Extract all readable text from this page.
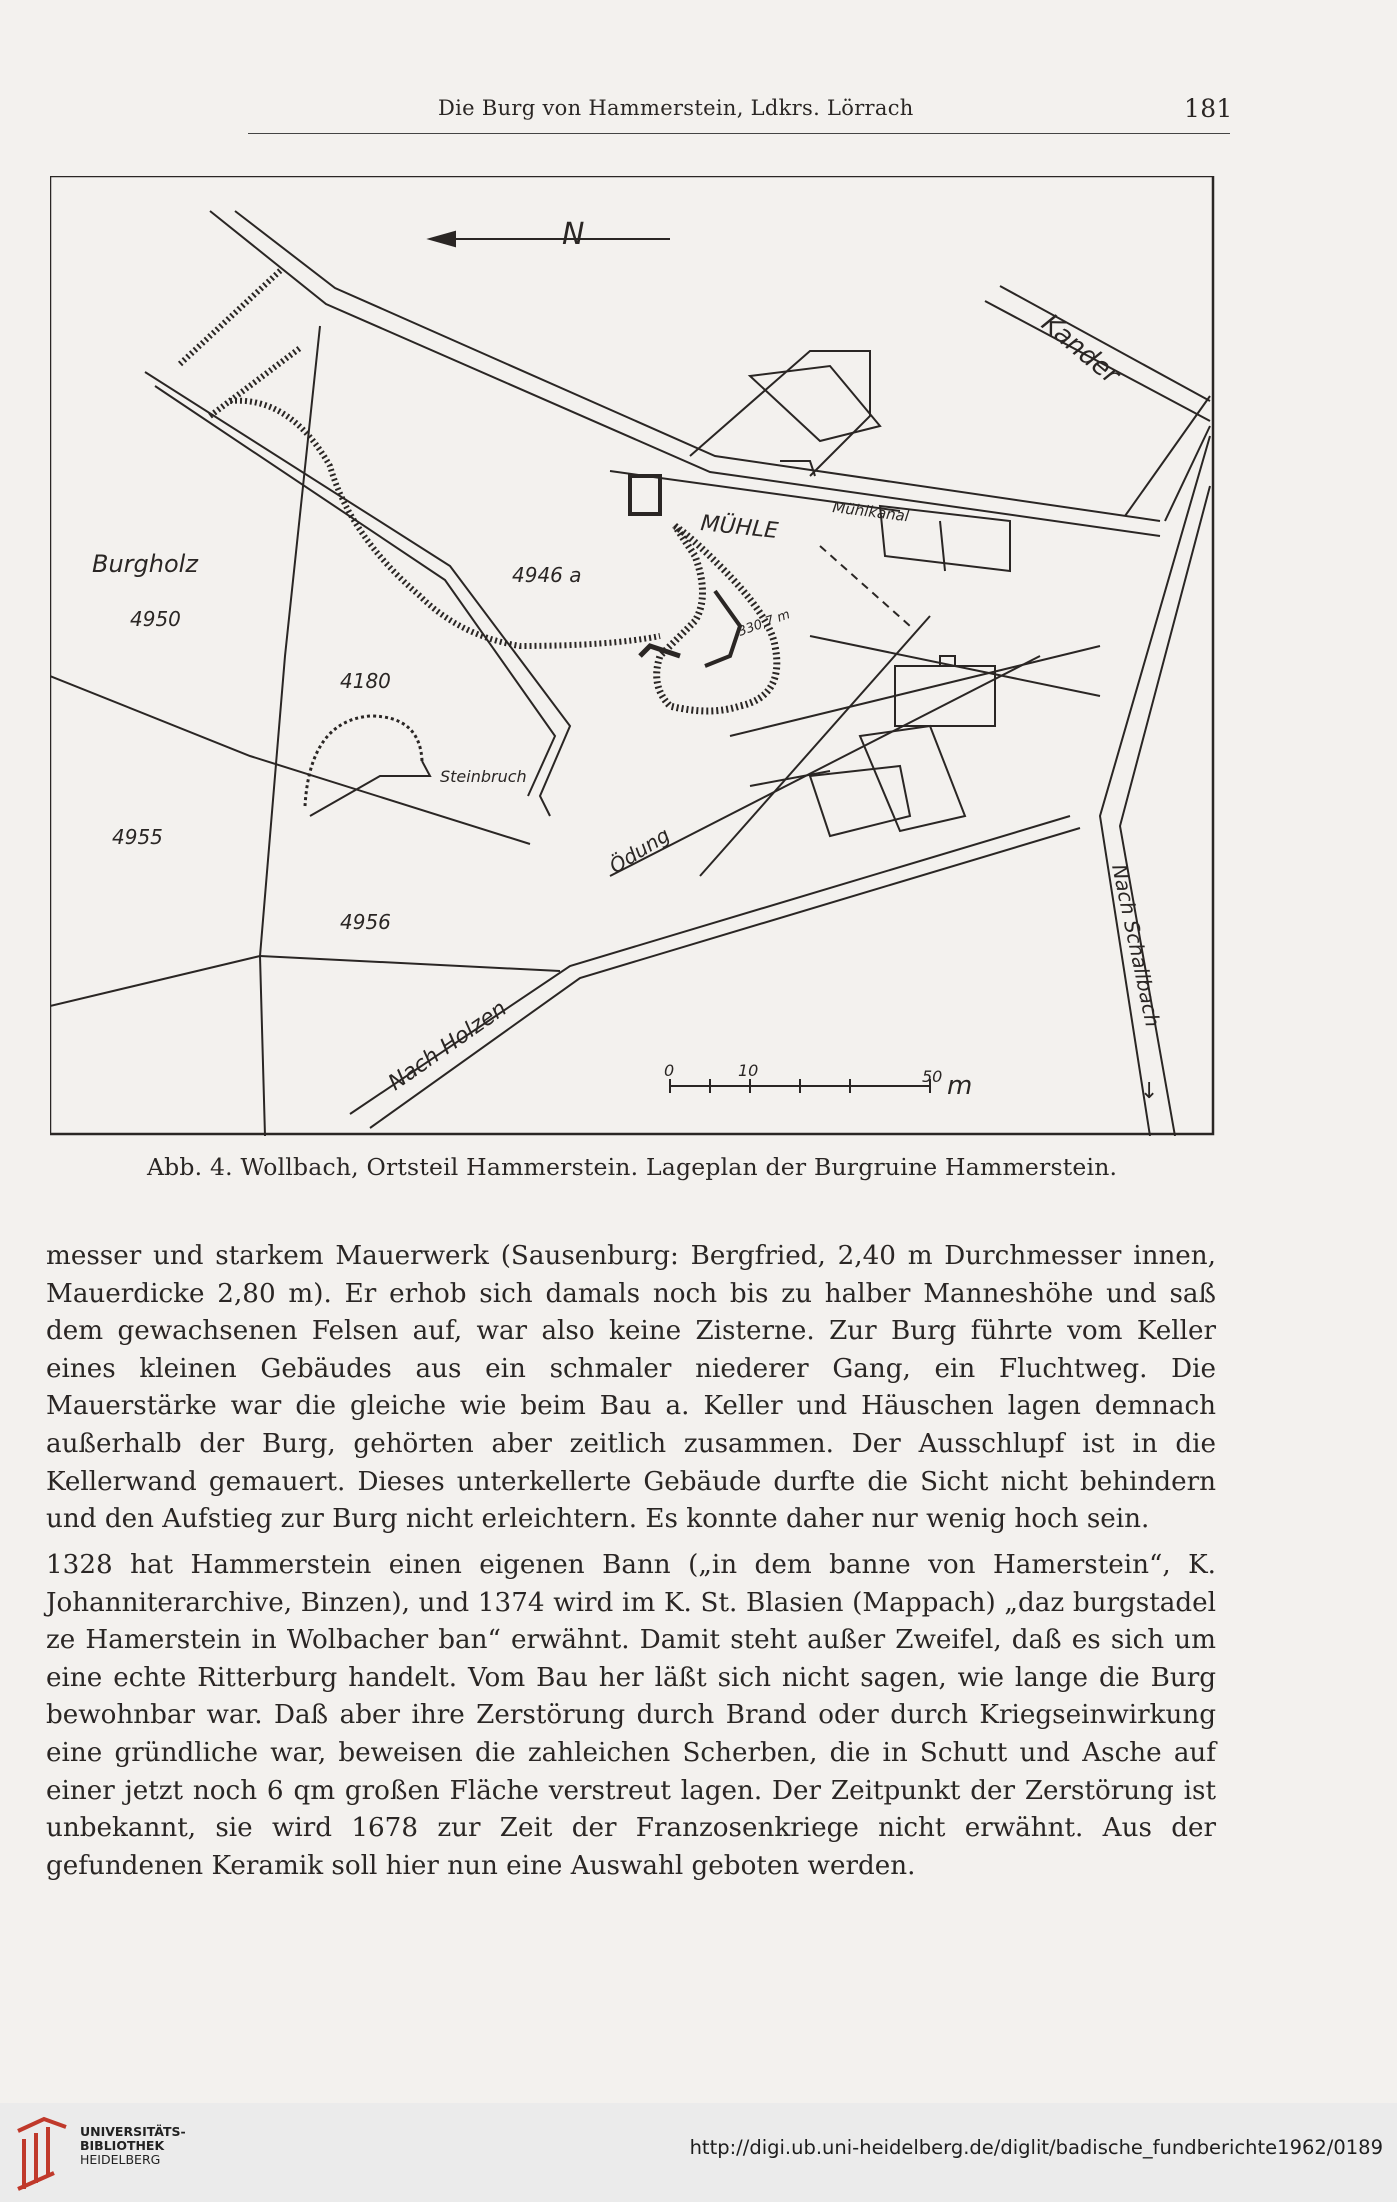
Die Burg von Hammerstein, Ldkrs. Lörrach	181
Burgholz
4950
4955
4180
4956
4946 a
Steinbruch
Ödung
MÜHLE	Mühlkanal
Kander
Nach Holzen
Nach Schallbach
↓
330,7 m
N
0	10	50 m
Abb. 4. Wollbach, Ortsteil Hammerstein. Lageplan der Burgruine Hammerstein.

messer und starkem Mauerwerk (Sausenburg: Bergfried, 2,40 m Durchmesser innen, Mauerdicke 2,80 m). Er erhob sich damals noch bis zu halber Manneshöhe und saß dem gewachsenen Felsen auf, war also keine Zisterne. Zur Burg führte vom Keller eines kleinen Gebäudes aus ein schmaler niederer Gang, ein Fluchtweg. Die Mauerstärke war die gleiche wie beim Bau a. Keller und Häuschen lagen demnach außerhalb der Burg, gehörten aber zeitlich zusammen. Der Ausschlupf ist in die Kellerwand gemauert. Dieses unterkellerte Gebäude durfte die Sicht nicht behindern und den Aufstieg zur Burg nicht erleichtern. Es konnte daher nur wenig hoch sein.

1328 hat Hammerstein einen eigenen Bann („in dem banne von Hamerstein“, K. Johanniterarchive, Binzen), und 1374 wird im K. St. Blasien (Mappach) „daz burgstadel ze Hamerstein in Wolbacher ban“ erwähnt. Damit steht außer Zweifel, daß es sich um eine echte Ritterburg handelt. Vom Bau her läßt sich nicht sagen, wie lange die Burg bewohnbar war. Daß aber ihre Zerstörung durch Brand oder durch Kriegseinwirkung eine gründliche war, beweisen die zahleichen Scherben, die in Schutt und Asche auf einer jetzt noch 6 qm großen Fläche verstreut lagen. Der Zeitpunkt der Zerstörung ist unbekannt, sie wird 1678 zur Zeit der Franzosenkriege nicht erwähnt. Aus der gefundenen Keramik soll hier nun eine Auswahl geboten werden.

UNIVERSITÄTS-
BIBLIOTHEK
HEIDELBERG
http://digi.ub.uni-heidelberg.de/diglit/badische_fundberichte1962/0189
